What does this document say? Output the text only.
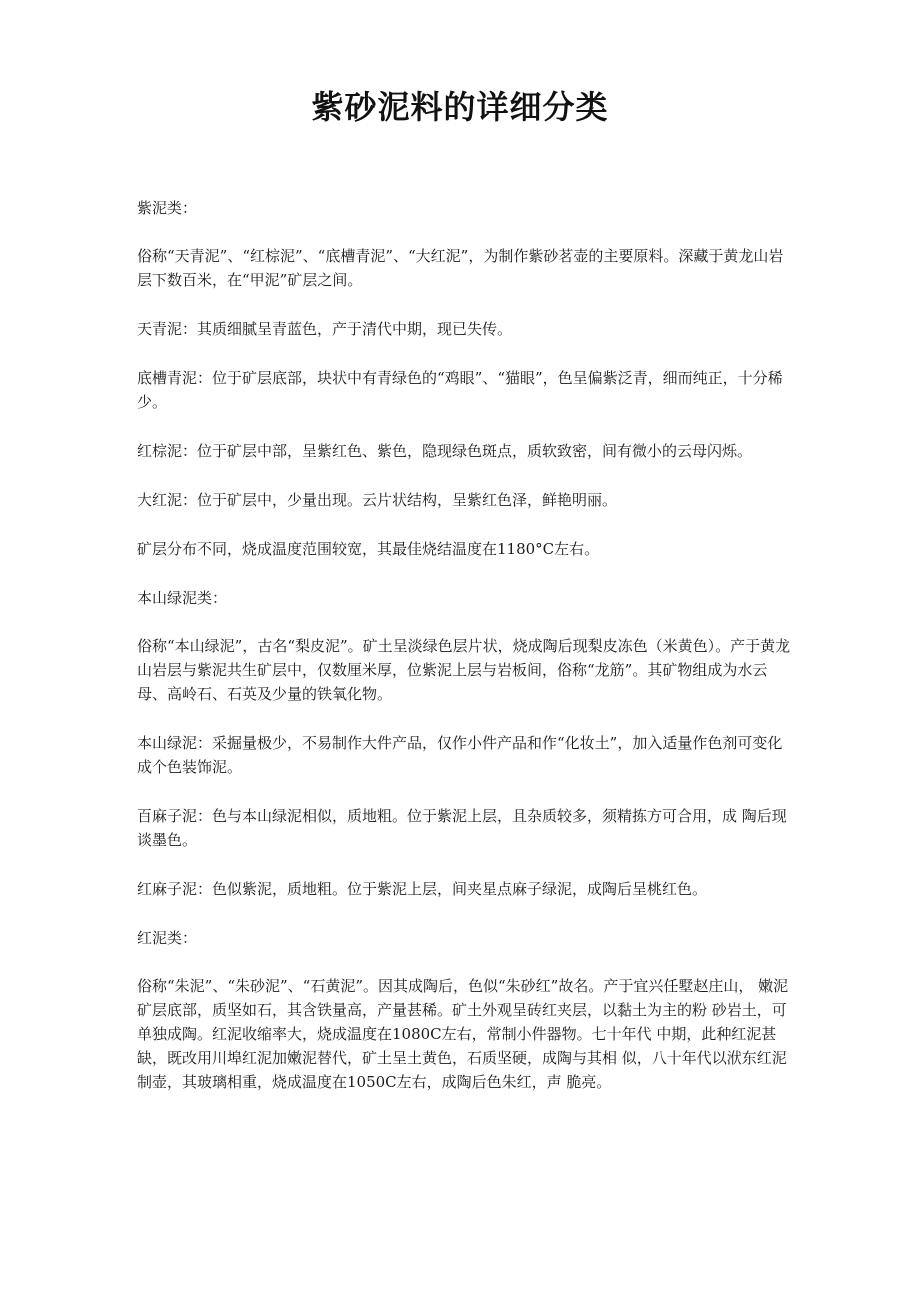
紫砂泥料的详细分类

紫泥类：

俗称“天青泥”、“红棕泥”、“底槽青泥”、“大红泥”，为制作紫砂茗壶的主要原料。深藏于黄龙山岩层下数百米，在“甲泥”矿层之间。

天青泥：其质细腻呈青蓝色，产于清代中期，现已失传。

底槽青泥：位于矿层底部，块状中有青绿色的“鸡眼”、“猫眼”，色呈偏紫泛青，细而纯正，十分稀少。

红棕泥：位于矿层中部，呈紫红色、紫色，隐现绿色斑点，质软致密，间有微小的云母闪烁。

大红泥：位于矿层中，少量出现。云片状结构，呈紫红色泽，鲜艳明丽。

矿层分布不同，烧成温度范围较宽，其最佳烧结温度在1180°C左右。

本山绿泥类：

俗称“本山绿泥”，古名“梨皮泥”。矿土呈淡绿色层片状，烧成陶后现梨皮冻色（米黄色）。产于黄龙山岩层与紫泥共生矿层中，仅数厘米厚，位紫泥上层与岩板间，俗称“龙筋”。其矿物组成为水云母、高岭石、石英及少量的铁氧化物。

本山绿泥：采掘量极少，不易制作大件产品，仅作小件产品和作“化妆土”，加入适量作色剂可变化成个色装饰泥。

百麻子泥：色与本山绿泥相似，质地粗。位于紫泥上层，且杂质较多，须精拣方可合用，成 陶后现谈墨色。

红麻子泥：色似紫泥，质地粗。位于紫泥上层，间夹星点麻子绿泥，成陶后呈桃红色。

红泥类：

俗称“朱泥”、“朱砂泥”、“石黄泥”。因其成陶后，色似“朱砂红”故名。产于宜兴任墅赵庄山， 嫩泥矿层底部，质坚如石，其含铁量高，产量甚稀。矿土外观呈砖红夹层，以黏土为主的粉 砂岩土，可单独成陶。红泥收缩率大，烧成温度在1080C左右，常制小件器物。七十年代 中期，此种红泥甚缺，既改用川埠红泥加嫩泥替代，矿土呈土黄色，石质坚硬，成陶与其相 似，八十年代以洑东红泥制壶，其玻璃相重，烧成温度在1050C左右，成陶后色朱红，声 脆亮。
